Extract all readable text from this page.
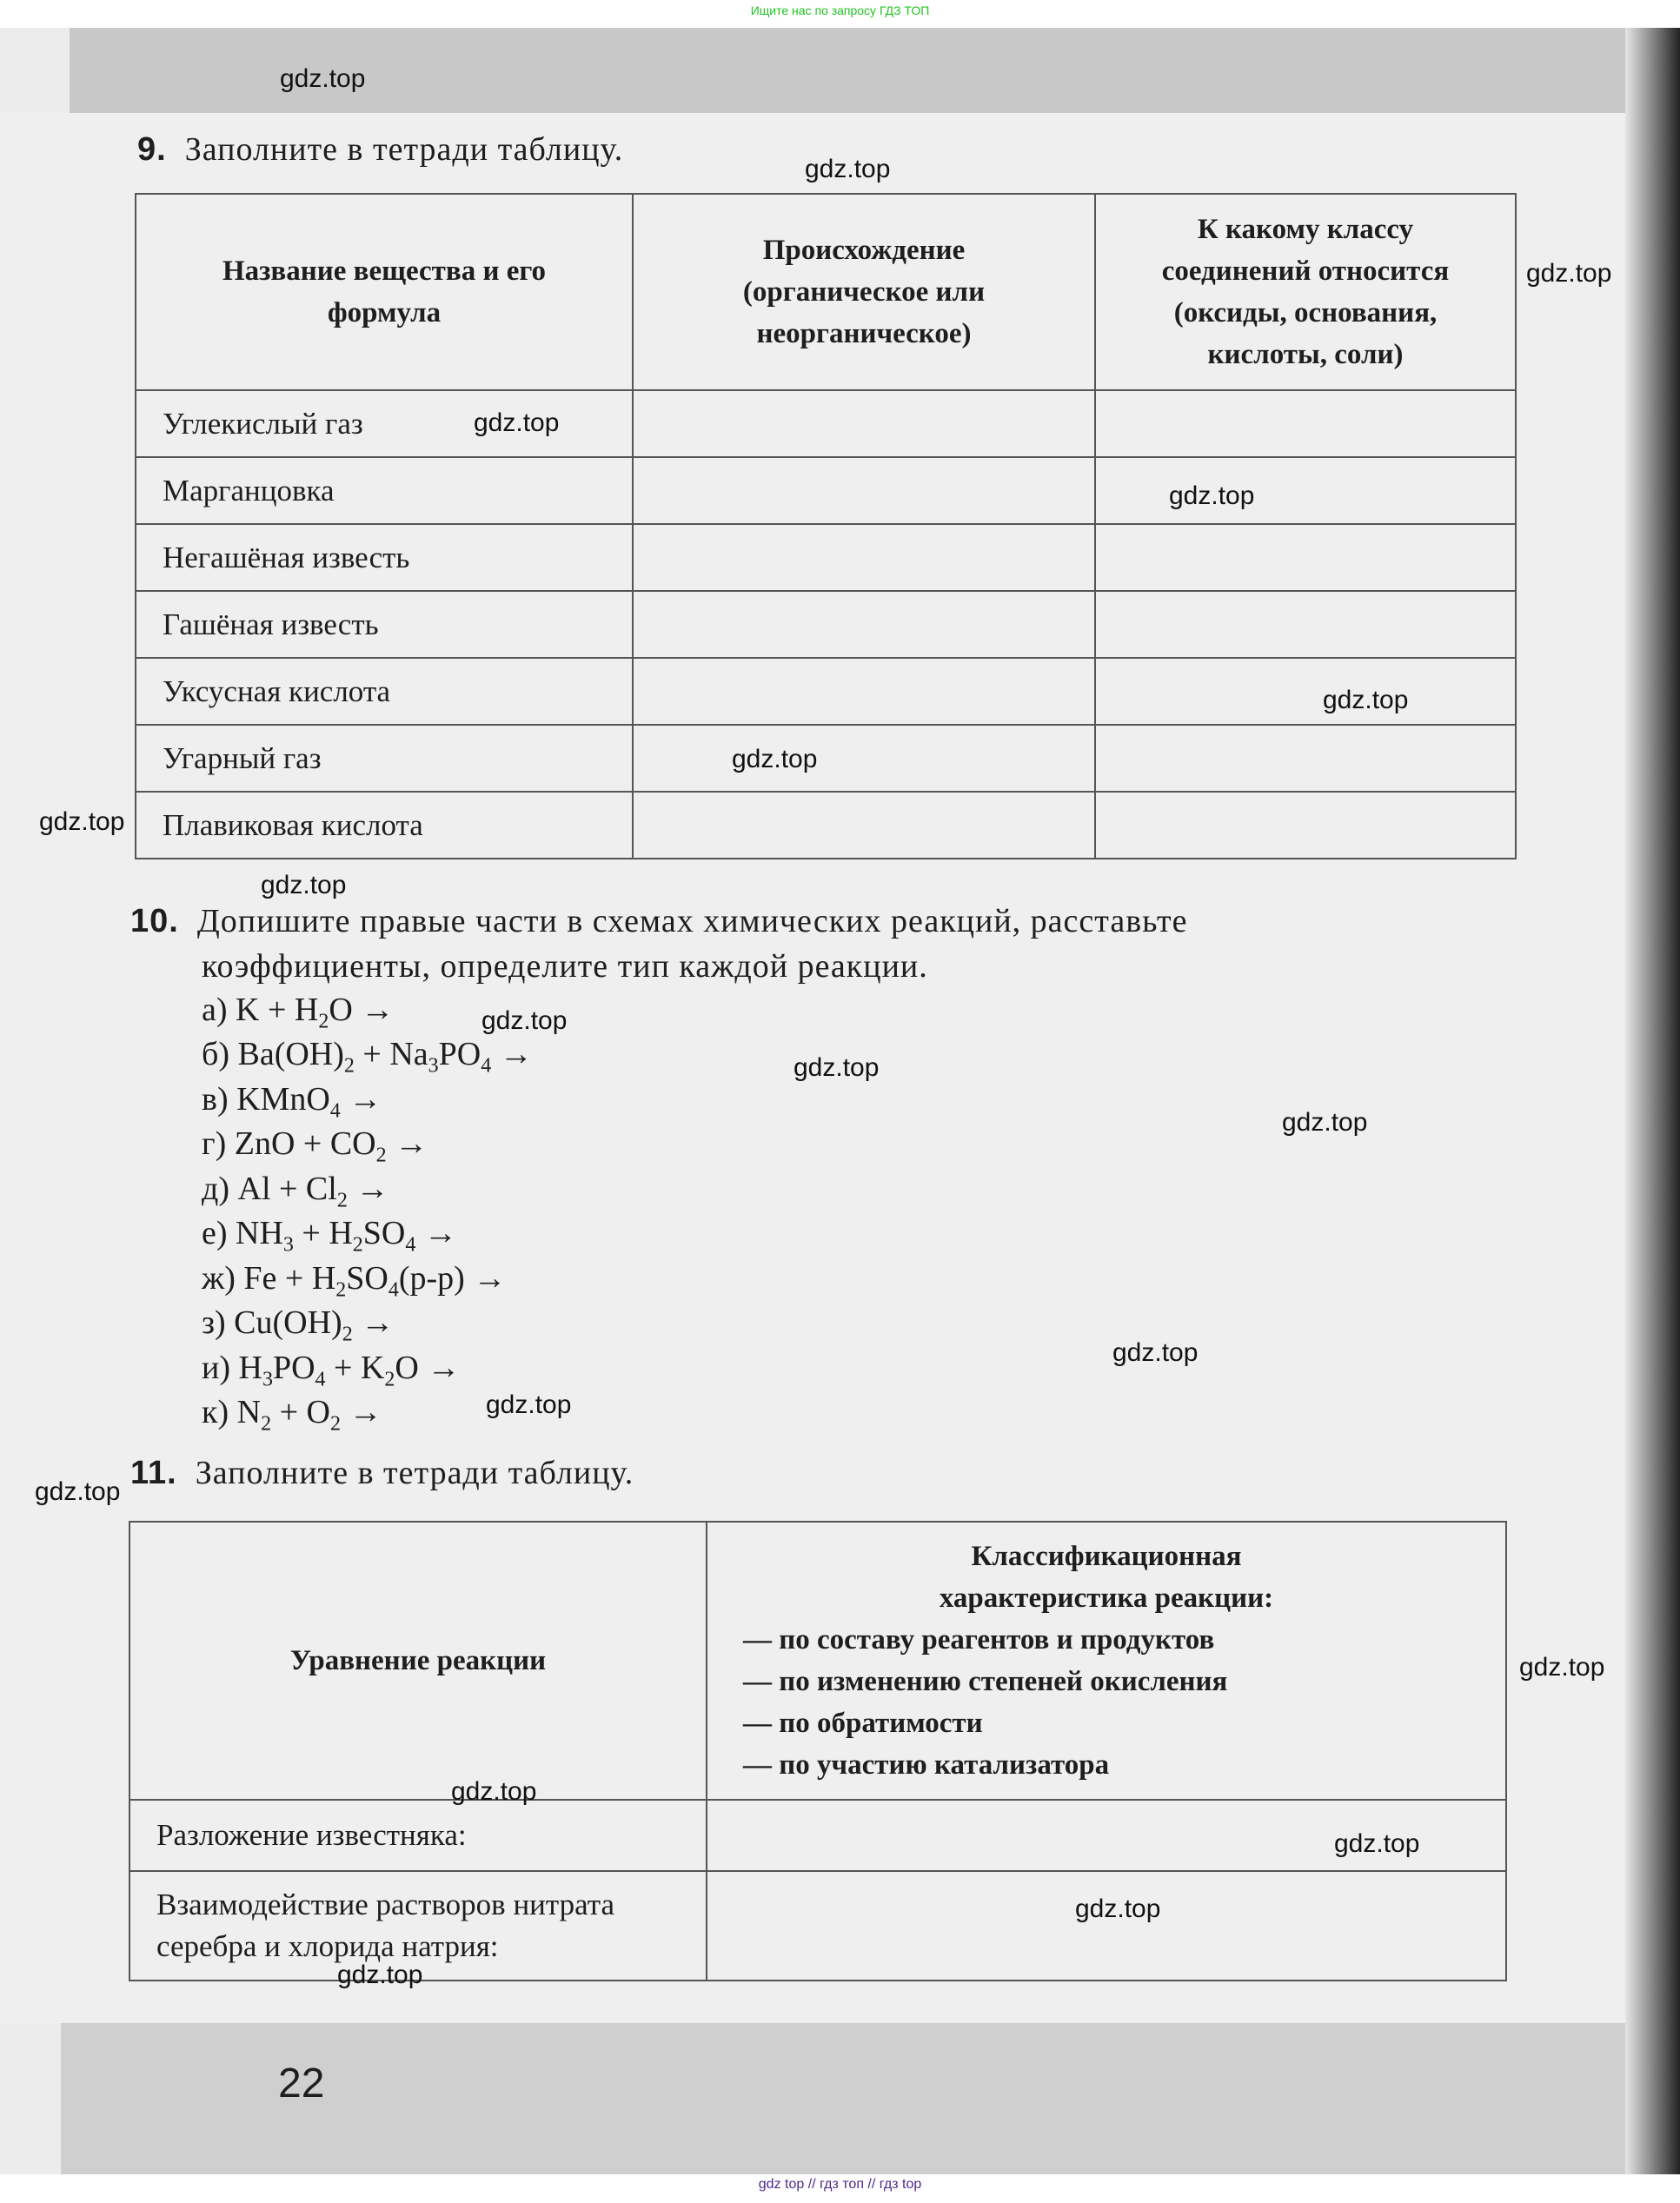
Ищите нас по запросу ГДЗ ТОП
9. Заполните в тетради таблицу.
Название вещества и его формула	Происхождение (органическое или неорганическое)	К какому классу соединений относится (оксиды, основания, кислоты, соли)
Углекислый газ		
Марганцовка		
Негашёная известь		
Гашёная известь		
Уксусная кислота		
Угарный газ		
Плавиковая кислота		
10. Допишите правые части в схемах химических реакций, расставьте
коэффициенты, определите тип каждой реакции.
а) $K + H_2O$ →
б) $Ba(OH)_2 + Na_3PO_4$ →
в) KMnO$_4$ →
г) ZnO + $CO_2$ →
д) $Al + Cl_2$ →
е) $NH_3 + H_2SO_4$ →
ж) $Fe + H_2SO_4(р-р)$ →
з) $Cu(OH)_2$ →
и) $H_3PO_4 + K_2O$ →
к) $N_2 + O_2$ →
11. Заполните в тетради таблицу.
Уравнение реакции	Классификационная характеристика реакции:
— по составу реагентов и продуктов
— по изменению степеней окисления
— по обратимости
— по участию катализатора

Разложение известняка:	
Взаимодействие растворов нитрата серебра и хлорида натрия:	
22
gdz.top
gdz.top
gdz.top
gdz.top
gdz.top
gdz.top
gdz.top
gdz.top
gdz.top
gdz.top
gdz.top
gdz.top
gdz.top
gdz.top
gdz.top
gdz.top
gdz.top
gdz.top
gdz.top
gdz.top
gdz top // гдз топ // гдз top
